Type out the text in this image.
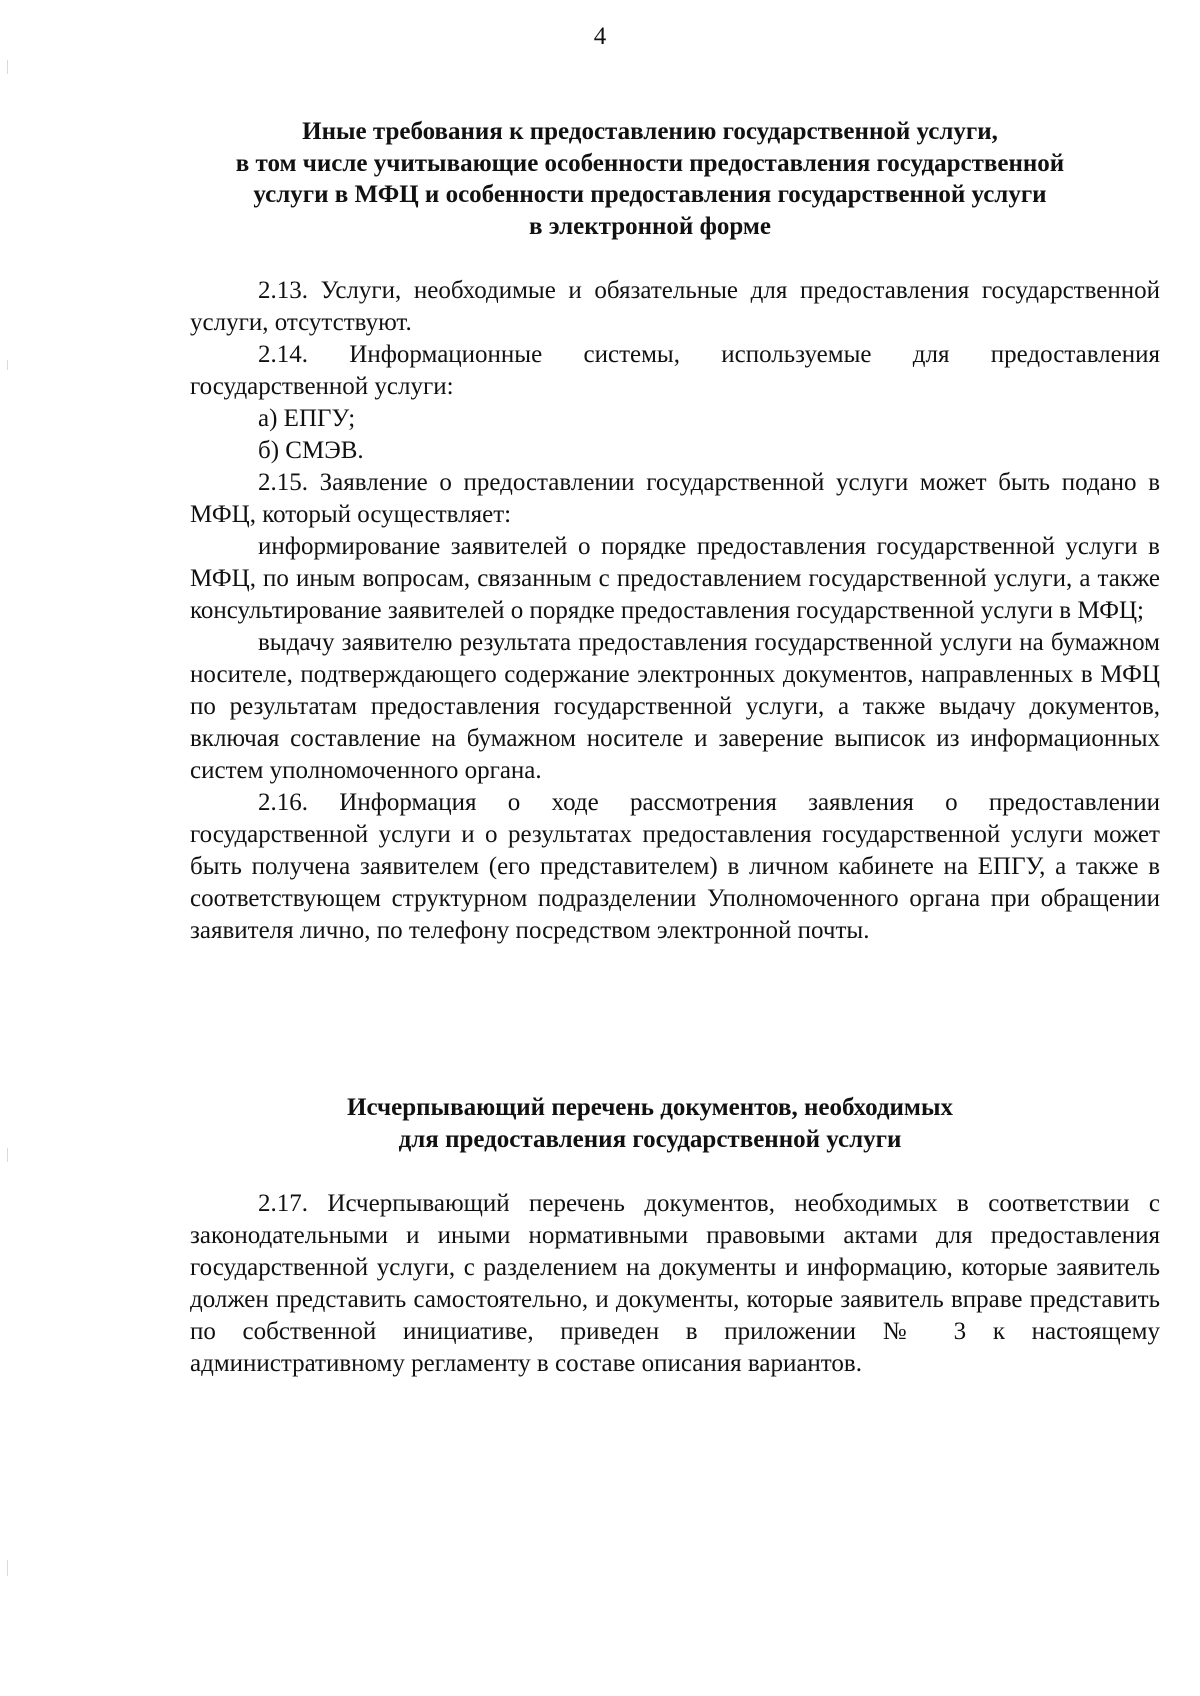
4
Иные требования к предоставлению государственной услуги,
в том числе учитывающие особенности предоставления государственной
услуги в МФЦ и особенности предоставления государственной услуги
в электронной форме

2.13. Услуги, необходимые и обязательные для предоставления государственной услуги, отсутствуют.

2.14. Информационные системы, используемые для предоставления государственной услуги:

а) ЕПГУ;

б) СМЭВ.

2.15. Заявление о предоставлении государственной услуги может быть подано в МФЦ, который осуществляет:

информирование заявителей о порядке предоставления государственной услуги в МФЦ, по иным вопросам, связанным с предоставлением государственной услуги, а также консультирование заявителей о порядке предоставления государственной услуги в МФЦ;

выдачу заявителю результата предоставления государственной услуги на бумажном носителе, подтверждающего содержание электронных документов, направленных в МФЦ по результатам предоставления государственной услуги, а также выдачу документов, включая составление на бумажном носителе и заверение выписок из информационных систем уполномоченного органа.

2.16. Информация о ходе рассмотрения заявления о предоставлении государственной услуги и о результатах предоставления государственной услуги может быть получена заявителем (его представителем) в личном кабинете на ЕПГУ, а также в соответствующем структурном подразделении Уполномоченного органа при обращении заявителя лично, по телефону посредством электронной почты.

Исчерпывающий перечень документов, необходимых
для предоставления государственной услуги

2.17. Исчерпывающий перечень документов, необходимых в соответствии с законодательными и иными нормативными правовыми актами для предоставления государственной услуги, с разделением на документы и информацию, которые заявитель должен представить самостоятельно, и документы, которые заявитель вправе представить по собственной инициативе, приведен в приложении № 3 к настоящему административному регламенту в составе описания вариантов.
